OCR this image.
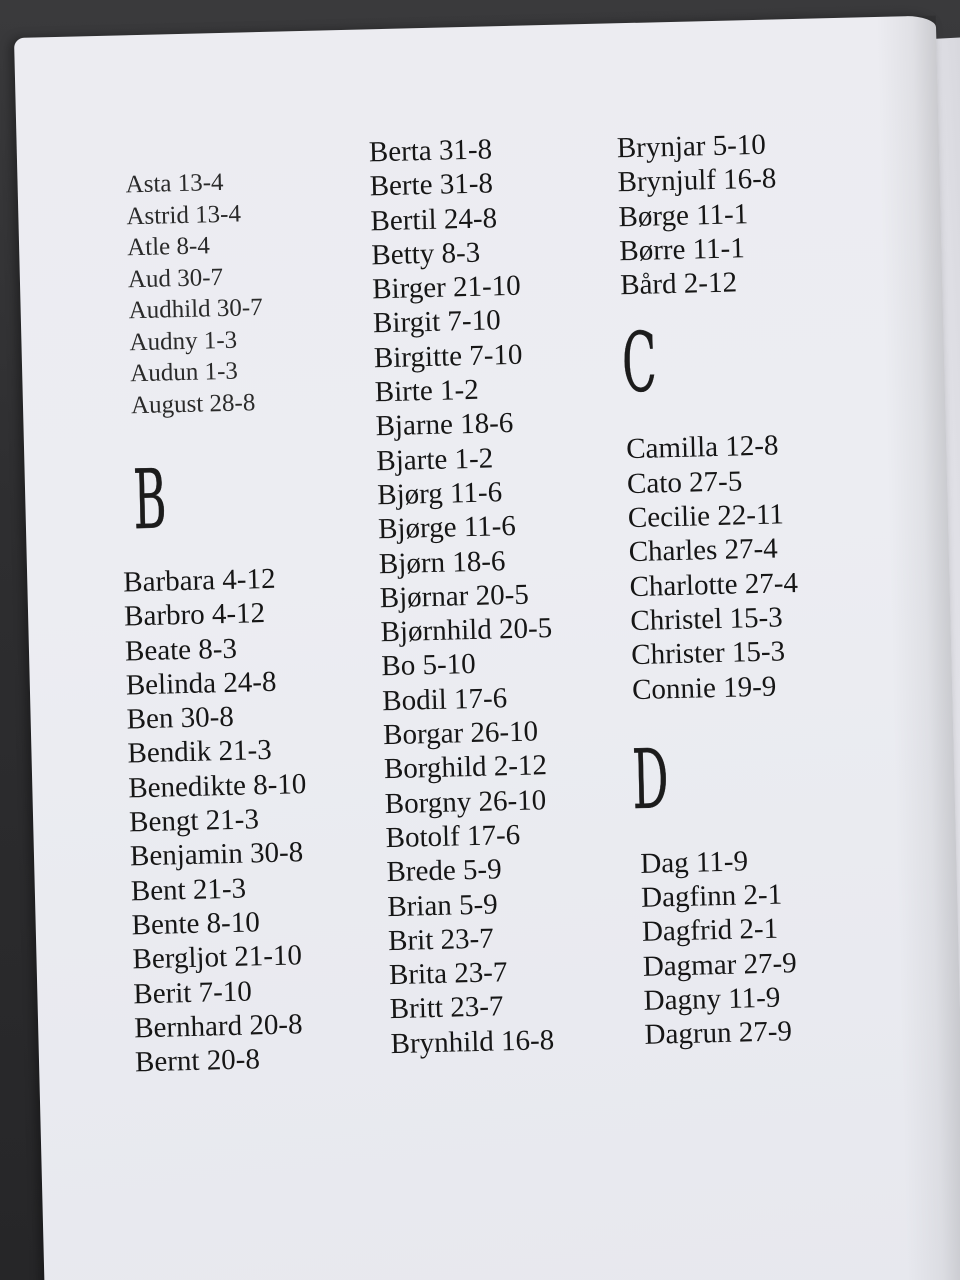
Asta 13-4
Astrid 13-4
Atle 8-4
Aud 30-7
Audhild 30-7
Audny 1-3
Audun 1-3
August 28-8
B
Barbara 4-12
Barbro 4-12
Beate 8-3
Belinda 24-8
Ben 30-8
Bendik 21-3
Benedikte 8-10
Bengt 21-3
Benjamin 30-8
Bent 21-3
Bente 8-10
Bergljot 21-10
Berit 7-10
Bernhard 20-8
Bernt 20-8
Berta 31-8
Berte 31-8
Bertil 24-8
Betty 8-3
Birger 21-10
Birgit 7-10
Birgitte 7-10
Birte 1-2
Bjarne 18-6
Bjarte 1-2
Bjørg 11-6
Bjørge 11-6
Bjørn 18-6
Bjørnar 20-5
Bjørnhild 20-5
Bo 5-10
Bodil 17-6
Borgar 26-10
Borghild 2-12
Borgny 26-10
Botolf 17-6
Brede 5-9
Brian 5-9
Brit 23-7
Brita 23-7
Britt 23-7
Brynhild 16-8
Brynjar 5-10
Brynjulf 16-8
Børge 11-1
Børre 11-1
Bård 2-12
C
Camilla 12-8
Cato 27-5
Cecilie 22-11
Charles 27-4
Charlotte 27-4
Christel 15-3
Christer 15-3
Connie 19-9
D
Dag 11-9
Dagfinn 2-1
Dagfrid 2-1
Dagmar 27-9
Dagny 11-9
Dagrun 27-9
